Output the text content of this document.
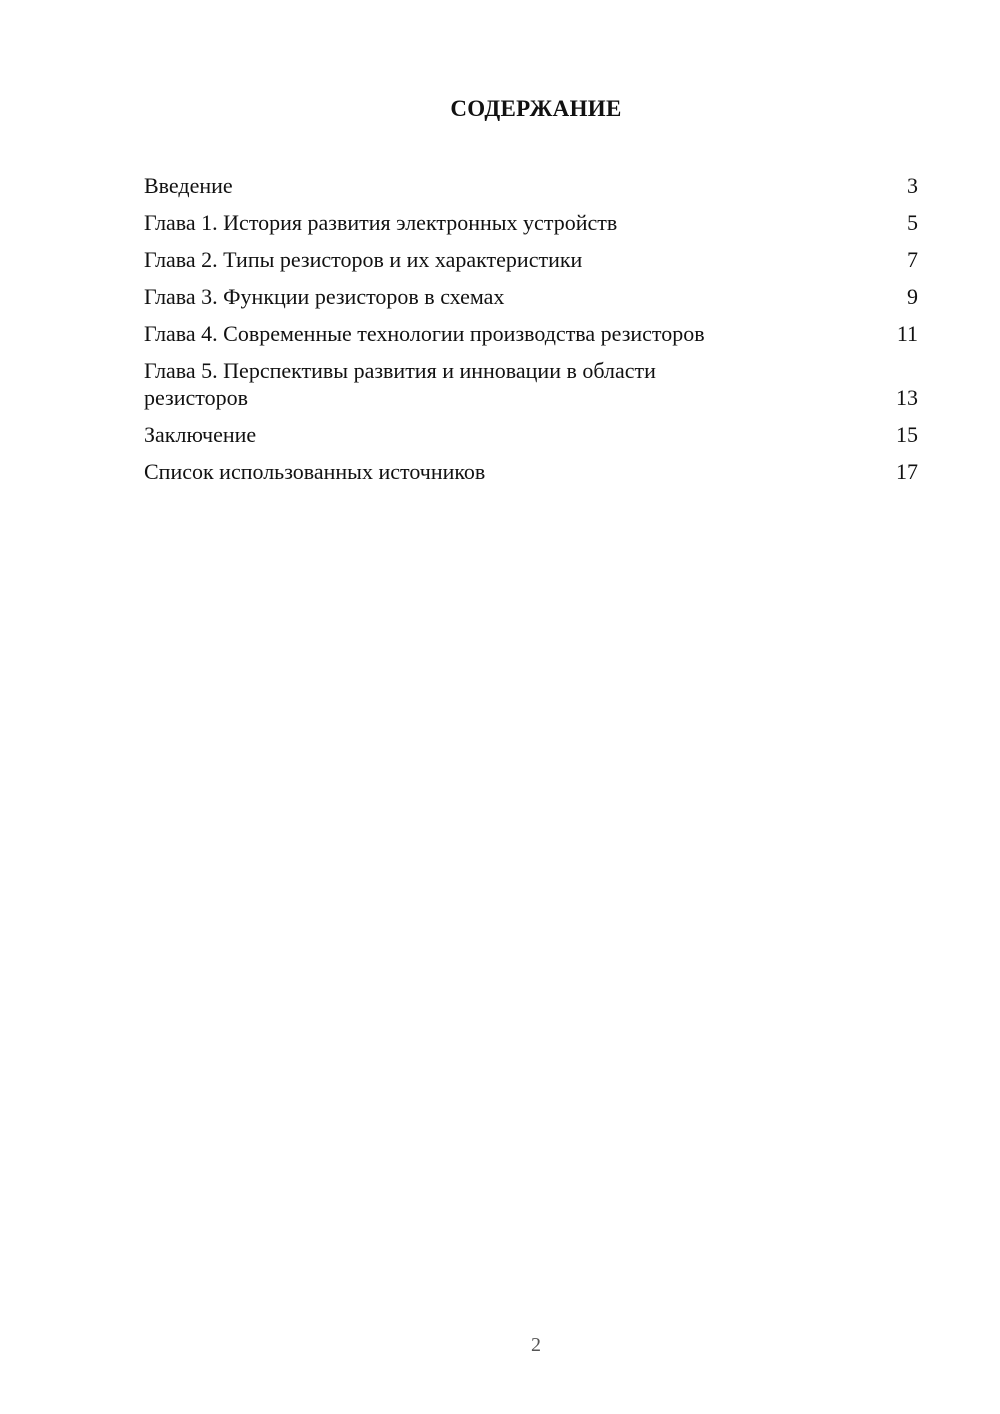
СОДЕРЖАНИЕ
Введение	3
Глава 1. История развития электронных устройств	5
Глава 2. Типы резисторов и их характеристики	7
Глава 3. Функции резисторов в схемах	9
Глава 4. Современные технологии производства резисторов	11
Глава 5. Перспективы развития и инновации в области резисторов	13
Заключение	15
Список использованных источников	17
2
